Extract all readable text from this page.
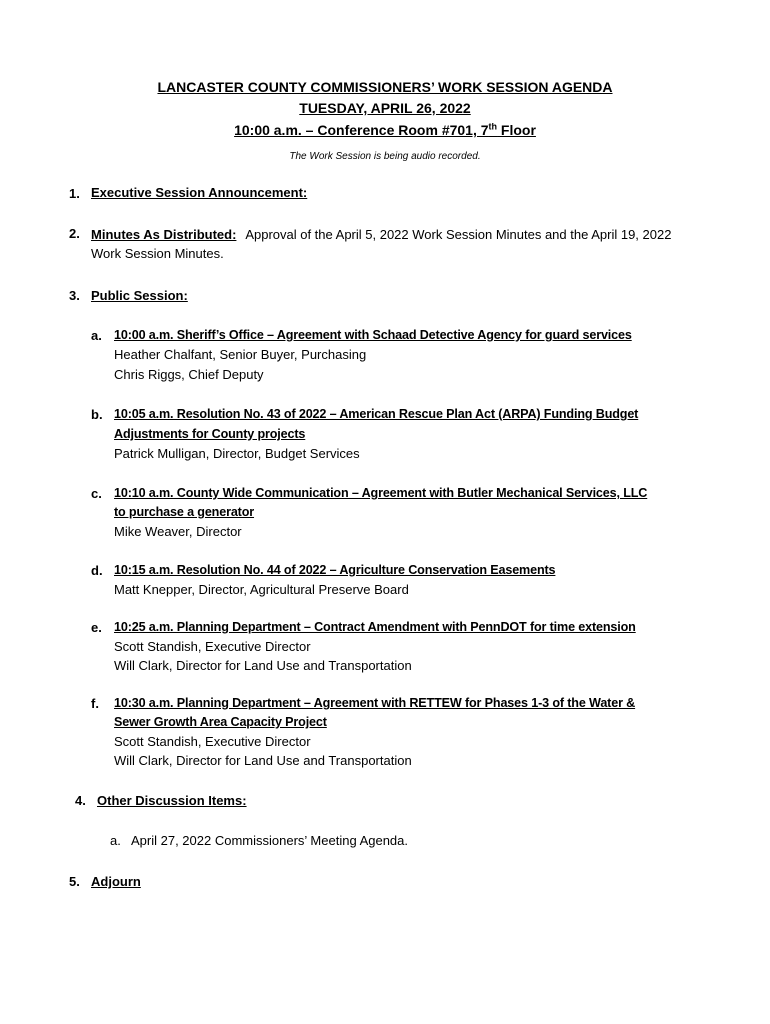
LANCASTER COUNTY COMMISSIONERS’ WORK SESSION AGENDA
TUESDAY, APRIL 26, 2022
10:00 a.m. – Conference Room #701, 7th Floor
The Work Session is being audio recorded.
1. Executive Session Announcement:
2. Minutes As Distributed: Approval of the April 5, 2022 Work Session Minutes and the April 19, 2022
Work Session Minutes.
3. Public Session:
a. 10:00 a.m. Sheriff’s Office – Agreement with Schaad Detective Agency for guard services
Heather Chalfant, Senior Buyer, Purchasing
Chris Riggs, Chief Deputy
b. 10:05 a.m. Resolution No. 43 of 2022 – American Rescue Plan Act (ARPA) Funding Budget
Adjustments for County projects
Patrick Mulligan, Director, Budget Services
c. 10:10 a.m. County Wide Communication – Agreement with Butler Mechanical Services, LLC
to purchase a generator
Mike Weaver, Director
d. 10:15 a.m. Resolution No. 44 of 2022 – Agriculture Conservation Easements
Matt Knepper, Director, Agricultural Preserve Board
e. 10:25 a.m. Planning Department – Contract Amendment with PennDOT for time extension
Scott Standish, Executive Director
Will Clark, Director for Land Use and Transportation
f. 10:30 a.m. Planning Department – Agreement with RETTEW for Phases 1-3 of the Water &
Sewer Growth Area Capacity Project
Scott Standish, Executive Director
Will Clark, Director for Land Use and Transportation
4. Other Discussion Items:
a. April 27, 2022 Commissioners’ Meeting Agenda.
5. Adjourn
